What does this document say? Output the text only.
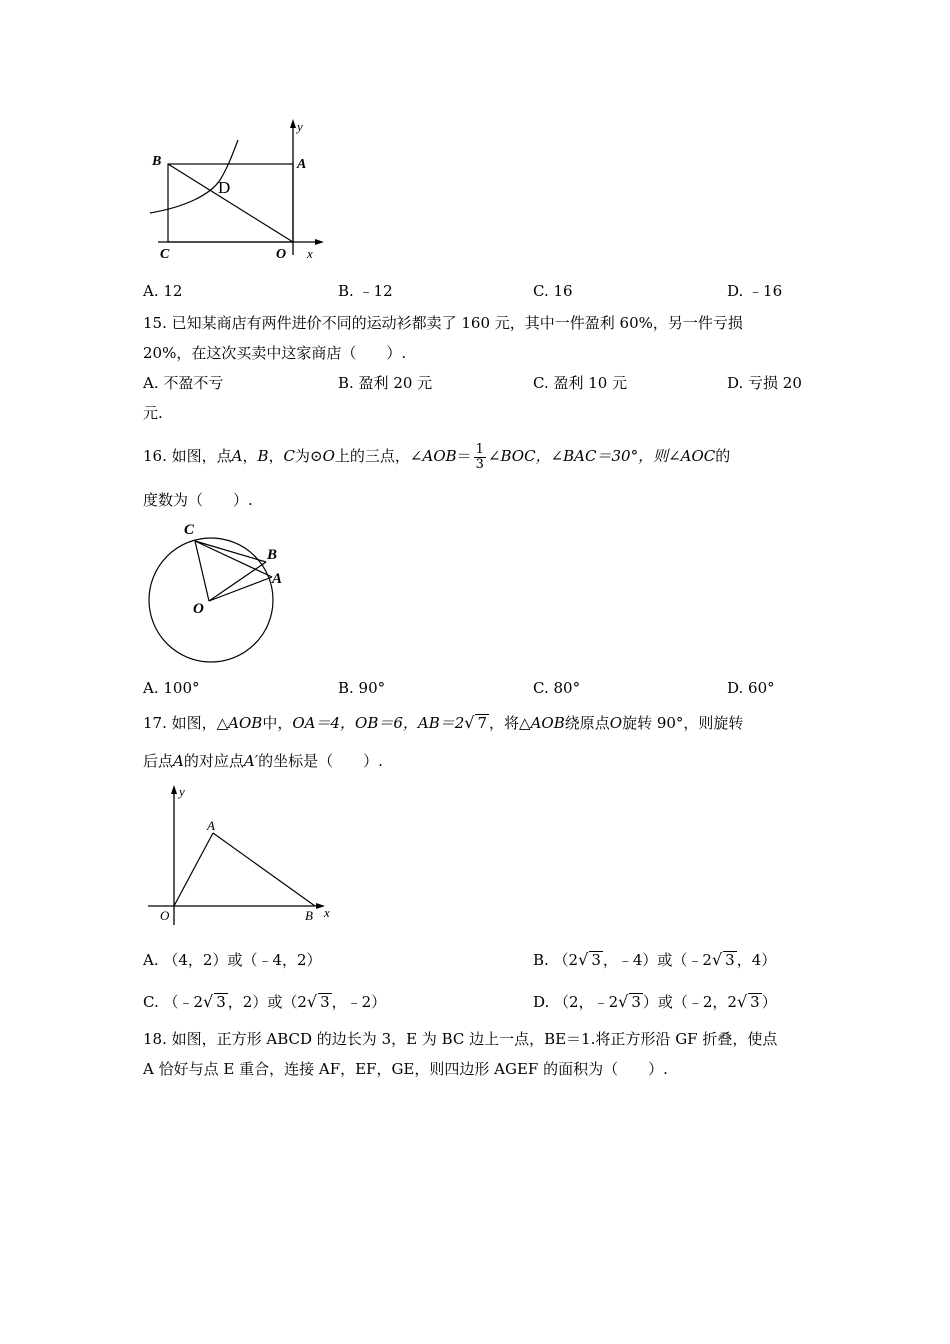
y
x
B	A
C	O
D
A. 12	B. ﹣12	C. 16	D. ﹣16
15. 已知某商店有两件进价不同的运动衫都卖了 160 元，其中一件盈利 60%，另一件亏损
20%，在这次买卖中这家商店（　　）.
A. 不盈不亏	B. 盈利 20 元	C. 盈利 10 元	D. 亏损 20
元.
16. 如图，点A，B，C为⊙O上的三点，∠AOB＝ $\frac{1}{3}$ ∠BOC，∠BAC＝30°，则∠AOC的
度数为（　　）.
C
B
A
O
A. 100°	B. 90°	C. 80°	D. 60°
17. 如图，△AOB中，OA＝4，OB＝6，AB＝2√ 7 ，将△AOB绕原点O旋转 90°，则旋转
后点A的对应点A′的坐标是（　　）.
y
A
O	B x
A. （4，2）或（﹣4，2）	B. （2√ 3 ，﹣4）或（﹣2√ 3 ，4）
C. （﹣2√ 3 ，2）或（2√ 3 ，﹣2）	D. （2，﹣2√ 3 ）或（﹣2，2√ 3 ）
18. 如图，正方形 ABCD 的边长为 3，E 为 BC 边上一点，BE＝1.将正方形沿 GF 折叠，使点
A 恰好与点 E 重合，连接 AF，EF，GE，则四边形 AGEF 的面积为（　　）.
